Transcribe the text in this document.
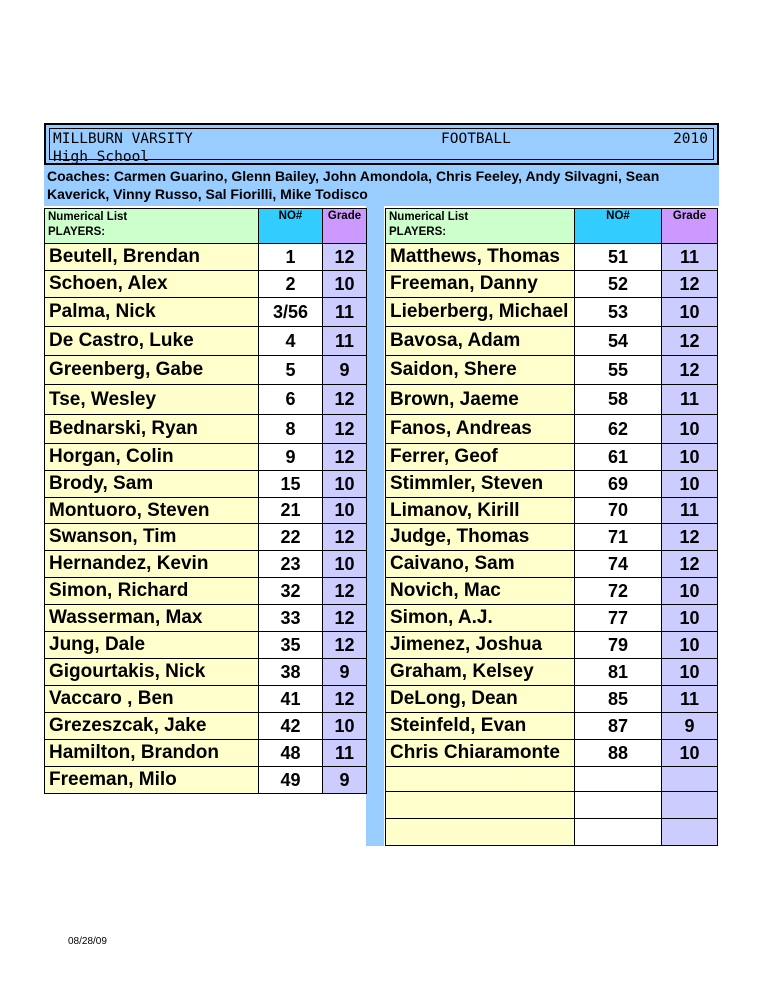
MILLBURN VARSITY	FOOTBALL	2010
High School
Coaches: Carmen Guarino, Glenn Bailey, John Amondola, Chris Feeley, Andy Silvagni, Sean Kaverick, Vinny Russo, Sal Fiorilli, Mike Todisco
Numerical List
PLAYERS:	NO#	Grade
Beutell, Brendan	1	12
Schoen, Alex	2	10
Palma, Nick	3/56	11
De Castro, Luke	4	11
Greenberg, Gabe	5	9
Tse, Wesley	6	12
Bednarski, Ryan	8	12
Horgan, Colin	9	12
Brody, Sam	15	10
Montuoro, Steven	21	10
Swanson, Tim	22	12
Hernandez, Kevin	23	10
Simon, Richard	32	12
Wasserman, Max	33	12
Jung, Dale	35	12
Gigourtakis, Nick	38	9
Vaccaro , Ben	41	12
Grezeszcak, Jake	42	10
Hamilton, Brandon	48	11
Freeman, Milo	49	9
Numerical List
PLAYERS:	NO#	Grade
Matthews, Thomas	51	11
Freeman, Danny	52	12
Lieberberg, Michael	53	10
Bavosa, Adam	54	12
Saidon, Shere	55	12
Brown, Jaeme	58	11
Fanos, Andreas	62	10
Ferrer, Geof	61	10
Stimmler, Steven	69	10
Limanov, Kirill	70	11
Judge, Thomas	71	12
Caivano, Sam	74	12
Novich, Mac	72	10
Simon, A.J.	77	10
Jimenez, Joshua	79	10
Graham, Kelsey	81	10
DeLong, Dean	85	11
Steinfeld, Evan	87	9
Chris Chiaramonte	88	10

08/28/09
